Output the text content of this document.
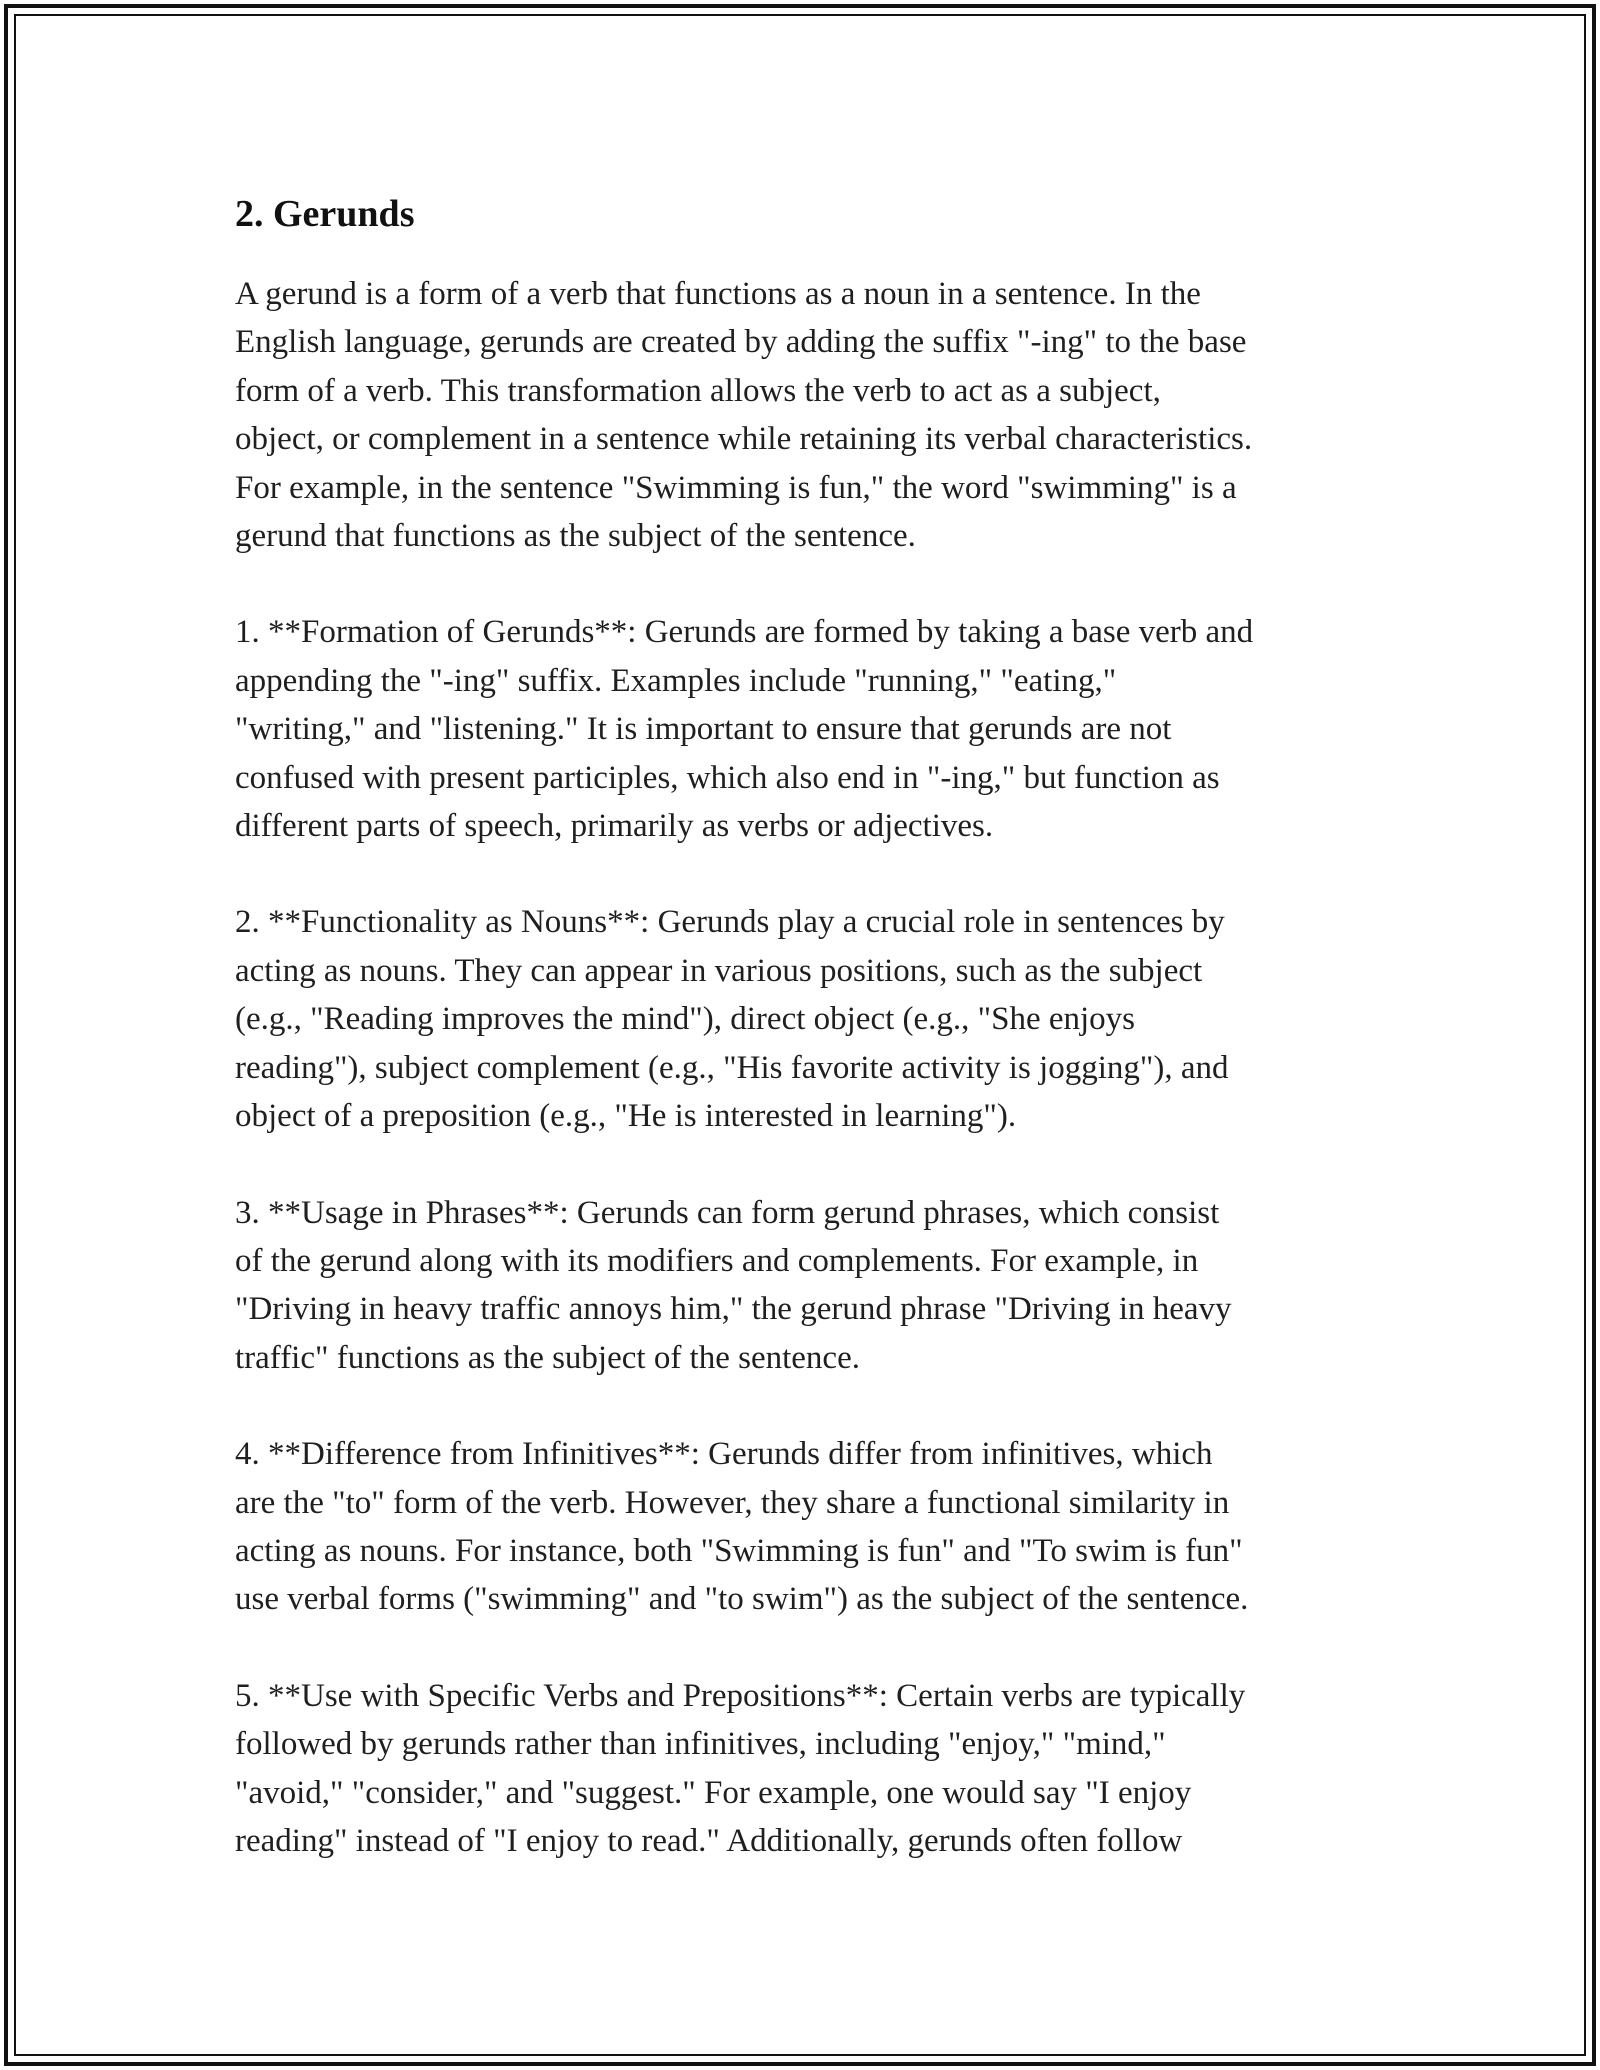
2. Gerunds

A gerund is a form of a verb that functions as a noun in a sentence. In the
English language, gerunds are created by adding the suffix "-ing" to the base
form of a verb. This transformation allows the verb to act as a subject,
object, or complement in a sentence while retaining its verbal characteristics.
For example, in the sentence "Swimming is fun," the word "swimming" is a
gerund that functions as the subject of the sentence.

1. **Formation of Gerunds**: Gerunds are formed by taking a base verb and
appending the "-ing" suffix. Examples include "running," "eating,"
"writing," and "listening." It is important to ensure that gerunds are not
confused with present participles, which also end in "-ing," but function as
different parts of speech, primarily as verbs or adjectives.

2. **Functionality as Nouns**: Gerunds play a crucial role in sentences by
acting as nouns. They can appear in various positions, such as the subject
(e.g., "Reading improves the mind"), direct object (e.g., "She enjoys
reading"), subject complement (e.g., "His favorite activity is jogging"), and
object of a preposition (e.g., "He is interested in learning").

3. **Usage in Phrases**: Gerunds can form gerund phrases, which consist
of the gerund along with its modifiers and complements. For example, in
"Driving in heavy traffic annoys him," the gerund phrase "Driving in heavy
traffic" functions as the subject of the sentence.

4. **Difference from Infinitives**: Gerunds differ from infinitives, which
are the "to" form of the verb. However, they share a functional similarity in
acting as nouns. For instance, both "Swimming is fun" and "To swim is fun"
use verbal forms ("swimming" and "to swim") as the subject of the sentence.

5. **Use with Specific Verbs and Prepositions**: Certain verbs are typically
followed by gerunds rather than infinitives, including "enjoy," "mind,"
"avoid," "consider," and "suggest." For example, one would say "I enjoy
reading" instead of "I enjoy to read." Additionally, gerunds often follow
